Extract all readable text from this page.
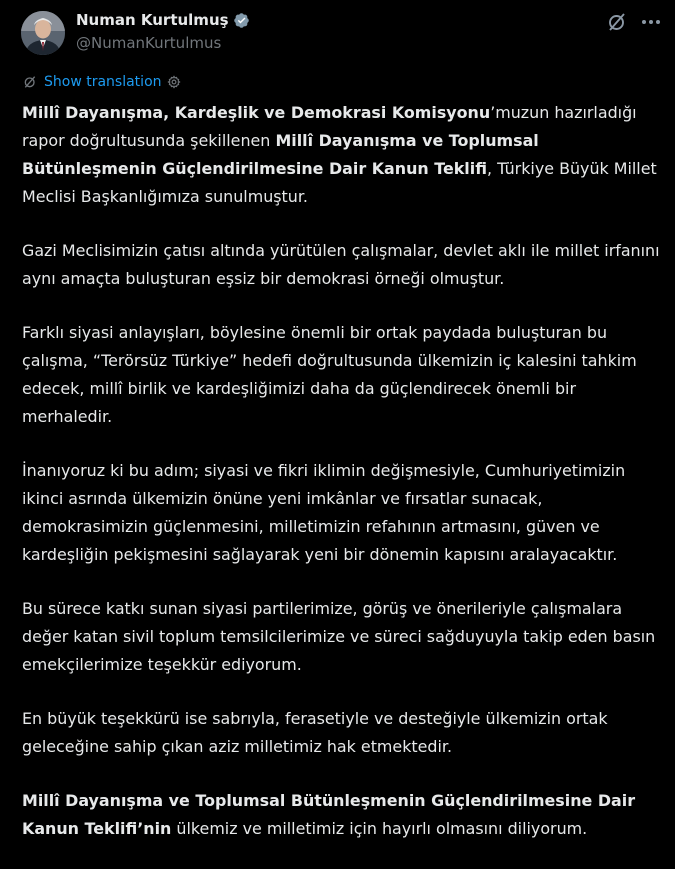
Numan Kurtulmuş
@NumanKurtulmus
Show translation

Millî Dayanışma, Kardeşlik ve Demokrasi Komisyonu’muzun hazırladığı rapor doğrultusunda şekillenen Millî Dayanışma ve Toplumsal Bütünleşmenin Güçlendirilmesine Dair Kanun Teklifi, Türkiye Büyük Millet Meclisi Başkanlığımıza sunulmuştur.

Gazi Meclisimizin çatısı altında yürütülen çalışmalar, devlet aklı ile millet irfanını aynı amaçta buluşturan eşsiz bir demokrasi örneği olmuştur.

Farklı siyasi anlayışları, böylesine önemli bir ortak paydada buluşturan bu çalışma, “Terörsüz Türkiye” hedefi doğrultusunda ülkemizin iç kalesini tahkim edecek, millî birlik ve kardeşliğimizi daha da güçlendirecek önemli bir merhaledir.

İnanıyoruz ki bu adım; siyasi ve fikri iklimin değişmesiyle, Cumhuriyetimizin ikinci asrında ülkemizin önüne yeni imkânlar ve fırsatlar sunacak, demokrasimizin güçlenmesini, milletimizin refahının artmasını, güven ve kardeşliğin pekişmesini sağlayarak yeni bir dönemin kapısını aralayacaktır.

Bu sürece katkı sunan siyasi partilerimize, görüş ve önerileriyle çalışmalara değer katan sivil toplum temsilcilerimize ve süreci sağduyuyla takip eden basın emekçilerimize teşekkür ediyorum.

En büyük teşekkürü ise sabrıyla, ferasetiyle ve desteğiyle ülkemizin ortak geleceğine sahip çıkan aziz milletimiz hak etmektedir.

Millî Dayanışma ve Toplumsal Bütünleşmenin Güçlendirilmesine Dair Kanun Teklifi’nin ülkemiz ve milletimiz için hayırlı olmasını diliyorum.
